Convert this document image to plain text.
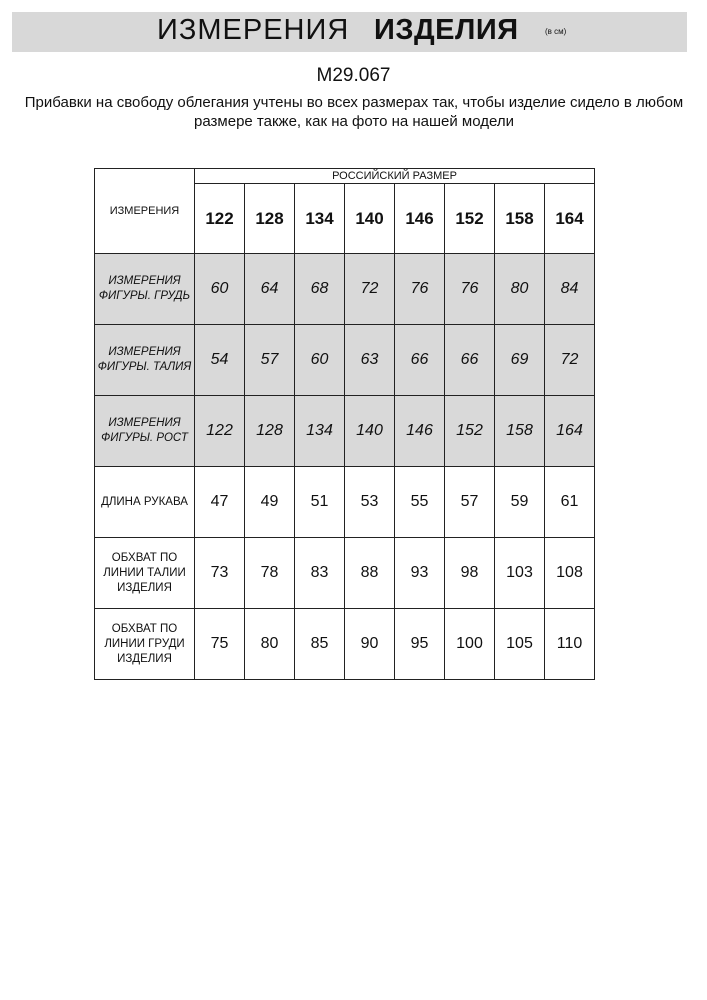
ИЗМЕРЕНИЯ ИЗДЕЛИЯ	(в см)
M29.067
Прибавки на свободу облегания учтены во всех размерах так, чтобы изделие сидело в любом размере также, как на фото на нашей модели
ИЗМЕРЕНИЯ	РОССИЙСКИЙ РАЗМЕР							
	122	128	134	140	146	152	158	164
ИЗМЕРЕНИЯ ФИГУРЫ. ГРУДЬ	60	64	68	72	76	76	80	84
ИЗМЕРЕНИЯ ФИГУРЫ. ТАЛИЯ	54	57	60	63	66	66	69	72
ИЗМЕРЕНИЯ ФИГУРЫ. РОСТ	122	128	134	140	146	152	158	164
ДЛИНА РУКАВА	47	49	51	53	55	57	59	61
ОБХВАТ ПО ЛИНИИ ТАЛИИ ИЗДЕЛИЯ	73	78	83	88	93	98	103	108
ОБХВАТ ПО ЛИНИИ ГРУДИ ИЗДЕЛИЯ	75	80	85	90	95	100	105	110
